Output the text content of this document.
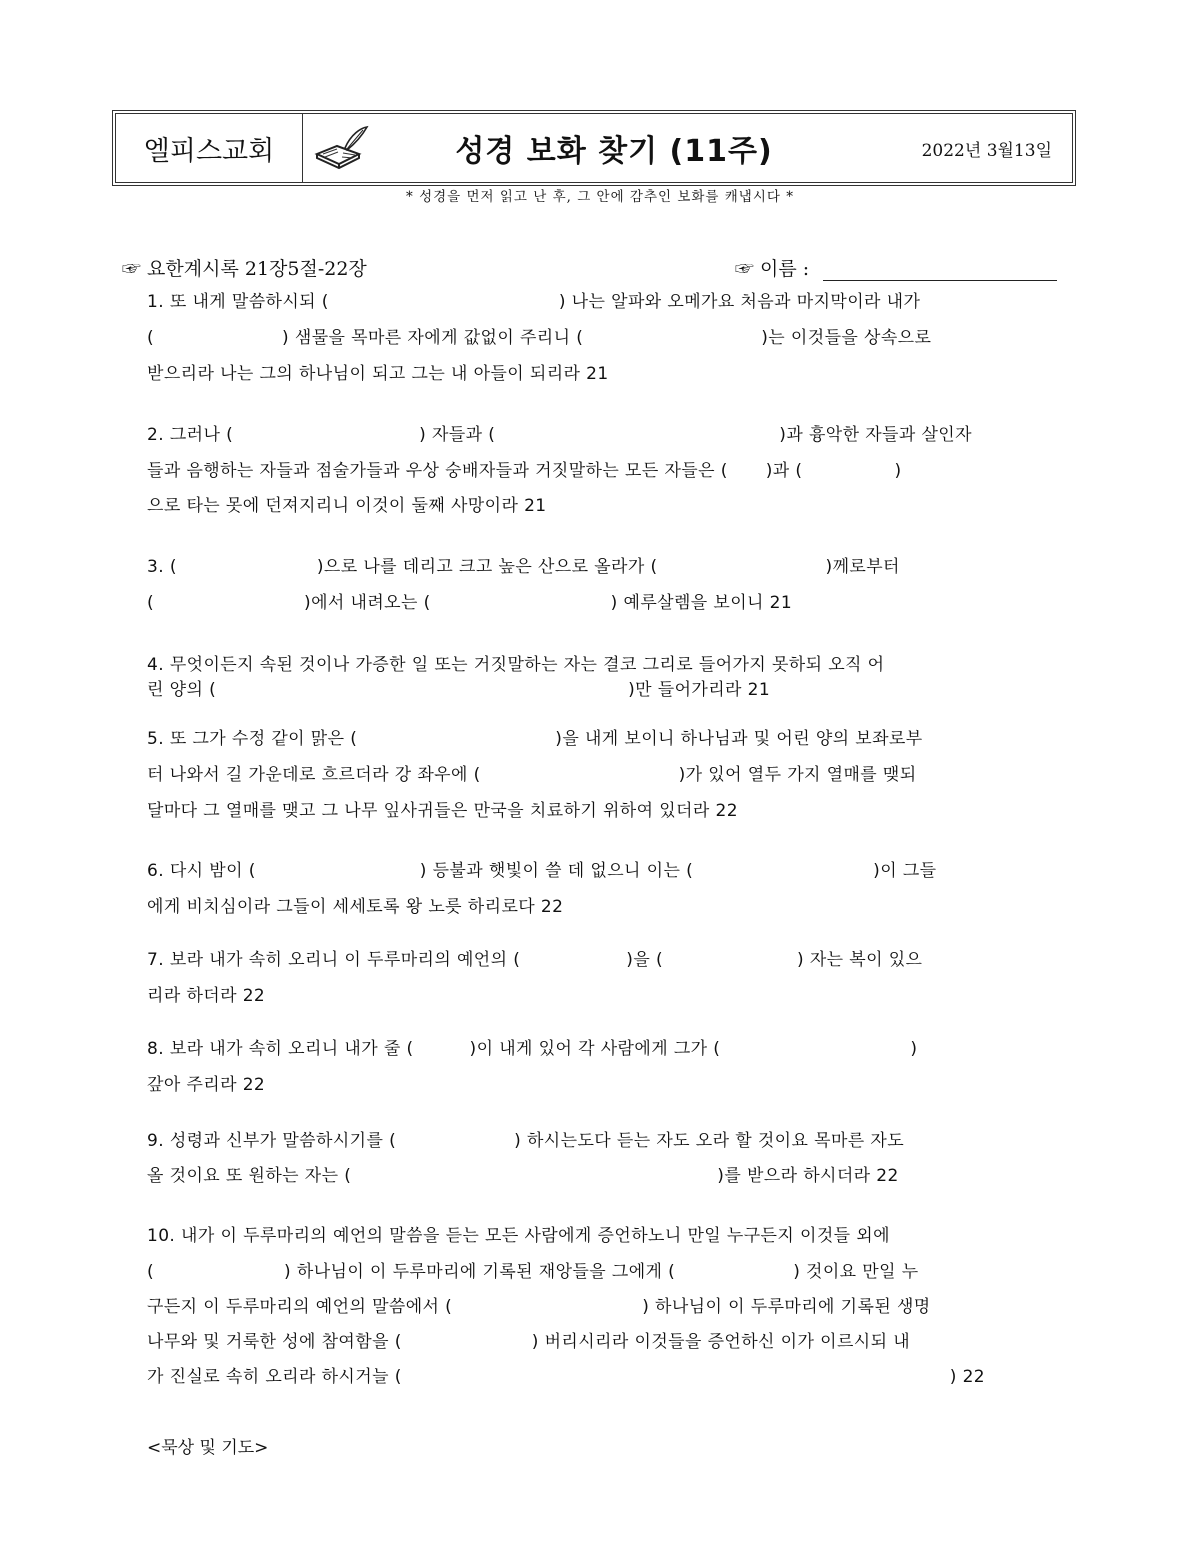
엘피스교회	성경 보화 찾기 (11주)	2022년 3월13일
* 성경을 먼저 읽고 난 후, 그 안에 감추인 보화를 캐냅시다 *
☞ 요한계시록 21장5절-22장	☞ 이름 :
1. 또 내게 말씀하시되 (	) 나는 알파와 오메가요 처음과 마지막이라 내가
(	) 샘물을 목마른 자에게 값없이 주리니 (	)는 이것들을 상속으로
받으리라 나는 그의 하나님이 되고 그는 내 아들이 되리라 21
2. 그러나 (	) 자들과 (	)과 흉악한 자들과 살인자
들과 음행하는 자들과 점술가들과 우상 숭배자들과 거짓말하는 모든 자들은 ( )과 (	)
으로 타는 못에 던져지리니 이것이 둘째 사망이라 21
3. (	)으로 나를 데리고 크고 높은 산으로 올라가 (	)께로부터
(	)에서 내려오는 (	) 예루살렘을 보이니 21
4. 무엇이든지 속된 것이나 가증한 일 또는 거짓말하는 자는 결코 그리로 들어가지 못하되 오직 어
린 양의 (	)만 들어가리라 21
5. 또 그가 수정 같이 맑은 (	)을 내게 보이니 하나님과 및 어린 양의 보좌로부
터 나와서 길 가운데로 흐르더라 강 좌우에 (	)가 있어 열두 가지 열매를 맺되
달마다 그 열매를 맺고 그 나무 잎사귀들은 만국을 치료하기 위하여 있더라 22
6. 다시 밤이 (	) 등불과 햇빛이 쓸 데 없으니 이는 (	)이 그들
에게 비치심이라 그들이 세세토록 왕 노릇 하리로다 22
7. 보라 내가 속히 오리니 이 두루마리의 예언의 (	)을 (	) 자는 복이 있으
리라 하더라 22
8. 보라 내가 속히 오리니 내가 줄 (	)이 내게 있어 각 사람에게 그가 (	)
갚아 주리라 22
9. 성령과 신부가 말씀하시기를 (	) 하시는도다 듣는 자도 오라 할 것이요 목마른 자도
올 것이요 또 원하는 자는 (	)를 받으라 하시더라 22
10. 내가 이 두루마리의 예언의 말씀을 듣는 모든 사람에게 증언하노니 만일 누구든지 이것들 외에
(	) 하나님이 이 두루마리에 기록된 재앙들을 그에게 (	) 것이요 만일 누
구든지 이 두루마리의 예언의 말씀에서 (	) 하나님이 이 두루마리에 기록된 생명
나무와 및 거룩한 성에 참여함을 (	) 버리시리라 이것들을 증언하신 이가 이르시되 내
가 진실로 속히 오리라 하시거늘 (	) 22
<묵상 및 기도>
